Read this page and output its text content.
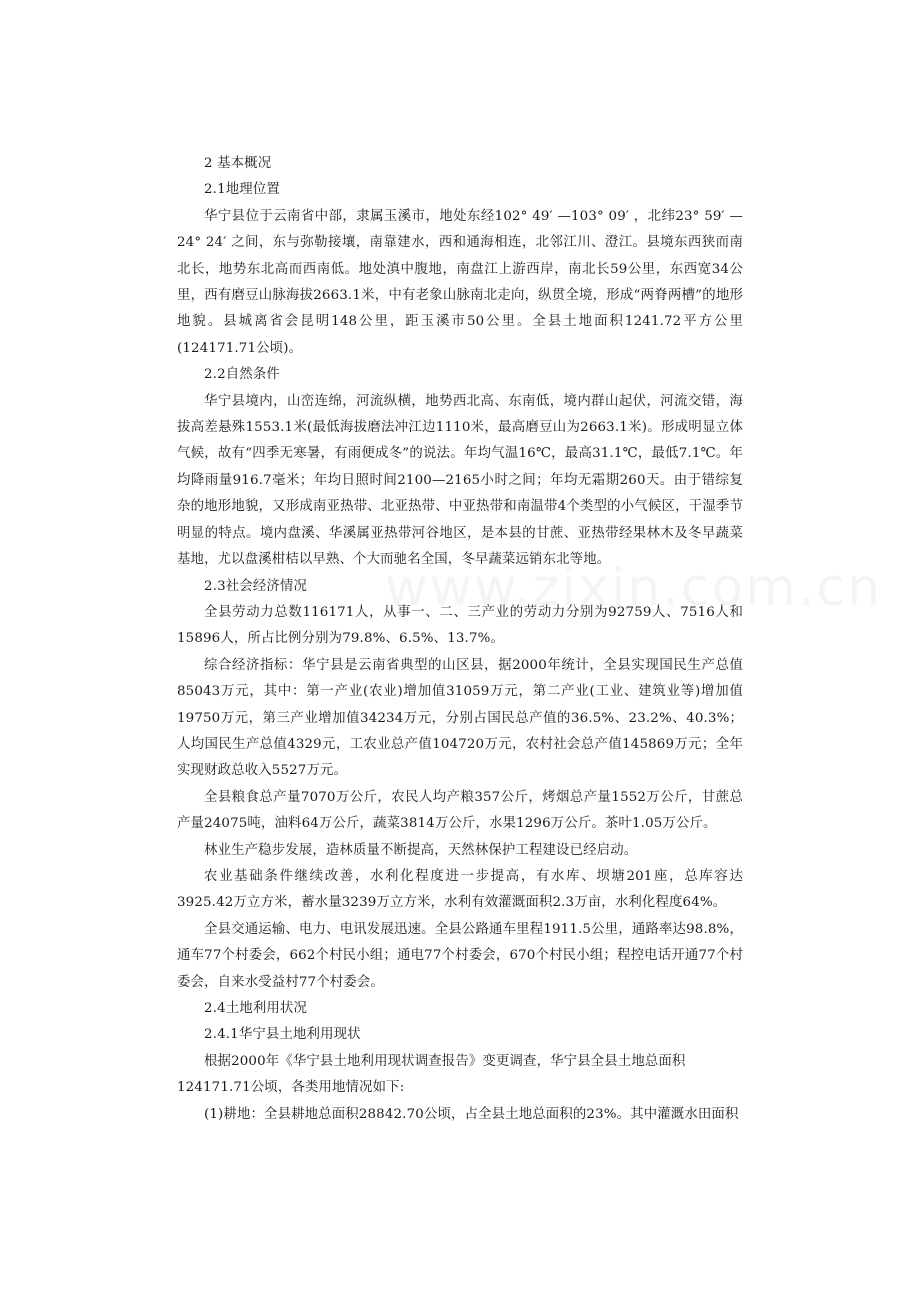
2 基本概况

2.1地理位置

华宁县位于云南省中部，隶属玉溪市，地处东经102° 49′ —103° 09′ ，北纬23° 59′ —24° 24′ 之间，东与弥勒接壤，南靠建水，西和通海相连，北邻江川、澄江。县境东西狭而南北长，地势东北高而西南低。地处滇中腹地，南盘江上游西岸，南北长59公里，东西宽34公里，西有磨豆山脉海拔2663.1米，中有老象山脉南北走向，纵贯全境，形成“两脊两槽”的地形地貌。县城离省会昆明148公里，距玉溪市50公里。全县土地面积1241.72平方公里(124171.71公顷)。

2.2自然条件

华宁县境内，山峦连绵，河流纵横，地势西北高、东南低，境内群山起伏，河流交错，海拔高差悬殊1553.1米(最低海拔磨法冲江边1110米，最高磨豆山为2663.1米)。形成明显立体气候，故有“四季无寒暑，有雨便成冬”的说法。年均气温16℃，最高31.1℃，最低7.1℃。年均降雨量916.7毫米；年均日照时间2100—2165小时之间；年均无霜期260天。由于错综复杂的地形地貌，又形成南亚热带、北亚热带、中亚热带和南温带4个类型的小气候区，干湿季节明显的特点。境内盘溪、华溪属亚热带河谷地区，是本县的甘蔗、亚热带经果林木及冬早蔬菜基地，尤以盘溪柑桔以早熟、个大而驰名全国，冬早蔬菜远销东北等地。

2.3社会经济情况

全县劳动力总数116171人，从事一、二、三产业的劳动力分别为92759人、7516人和15896人，所占比例分别为79.8%、6.5%、13.7%。

综合经济指标：华宁县是云南省典型的山区县，据2000年统计，全县实现国民生产总值85043万元，其中：第一产业(农业)增加值31059万元，第二产业(工业、建筑业等)增加值19750万元，第三产业增加值34234万元，分别占国民总产值的36.5%、23.2%、40.3%；人均国民生产总值4329元，工农业总产值104720万元，农村社会总产值145869万元；全年实现财政总收入5527万元。

全县粮食总产量7070万公斤，农民人均产粮357公斤，烤烟总产量1552万公斤，甘蔗总产量24075吨，油料64万公斤，蔬菜3814万公斤，水果1296万公斤。茶叶1.05万公斤。

林业生产稳步发展，造林质量不断提高，天然林保护工程建设已经启动。

农业基础条件继续改善，水利化程度进一步提高，有水库、坝塘201座，总库容达3925.42万立方米，蓄水量3239万立方米，水利有效灌溉面积2.3万亩，水利化程度64%。

全县交通运输、电力、电讯发展迅速。全县公路通车里程1911.5公里，通路率达98.8%，通车77个村委会，662个村民小组；通电77个村委会，670个村民小组；程控电话开通77个村委会，自来水受益村77个村委会。

2.4土地利用状况

2.4.1华宁县土地利用现状

根据2000年《华宁县土地利用现状调查报告》变更调查，华宁县全县土地总面积

124171.71公顷，各类用地情况如下:

(1)耕地：全县耕地总面积28842.70公顷，占全县土地总面积的23%。其中灌溉水田面积
